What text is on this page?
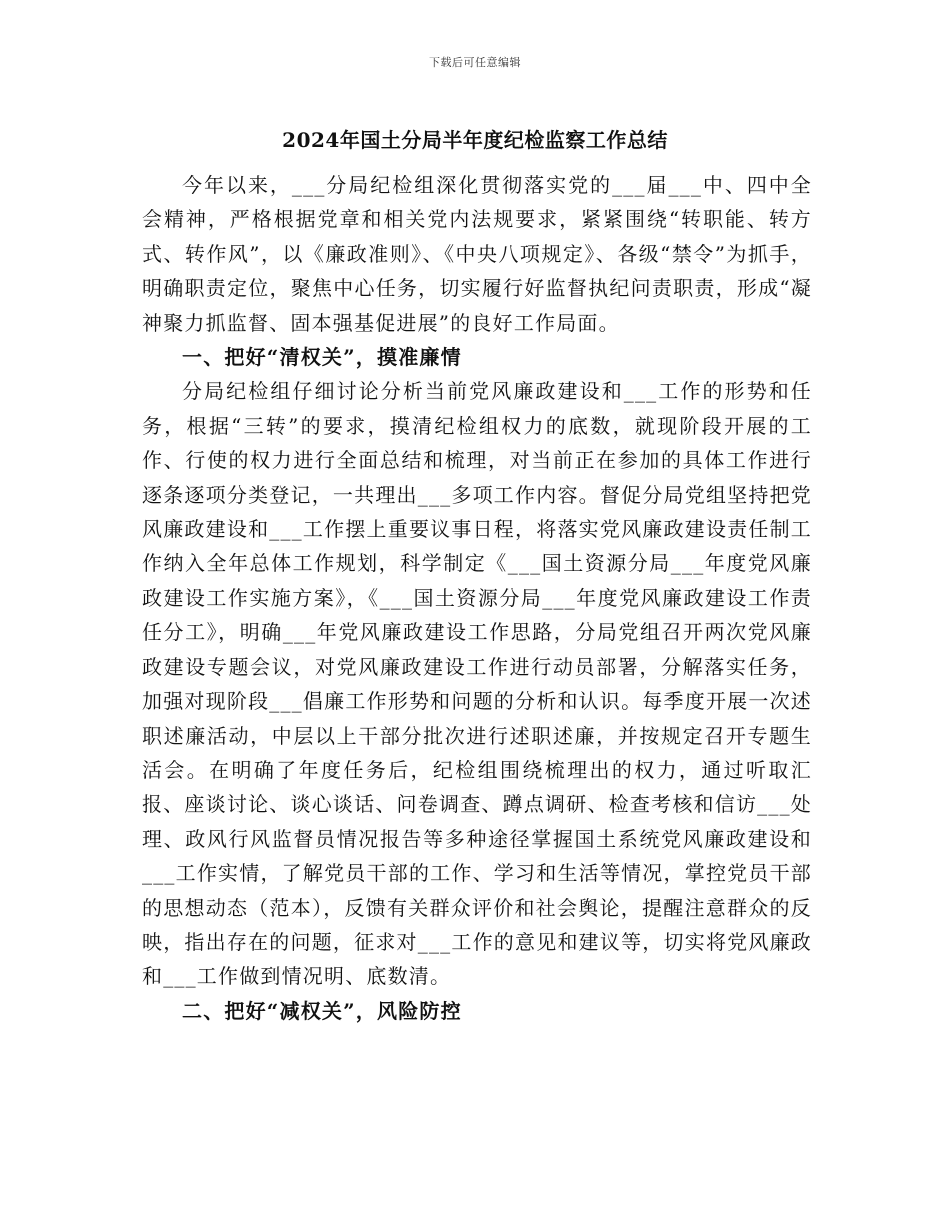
下载后可任意编辑
2024年国土分局半年度纪检监察工作总结

今年以来，___分局纪检组深化贯彻落实党的___届___中、四中全会精神，严格根据党章和相关党内法规要求，紧紧围绕“转职能、转方式、转作风”，以《廉政准则》、《中央八项规定》、各级“禁令”为抓手，明确职责定位，聚焦中心任务，切实履行好监督执纪问责职责，形成“凝神聚力抓监督、固本强基促进展”的良好工作局面。

一、把好“清权关”，摸准廉情

分局纪检组仔细讨论分析当前党风廉政建设和___工作的形势和任务，根据“三转”的要求，摸清纪检组权力的底数，就现阶段开展的工作、行使的权力进行全面总结和梳理，对当前正在参加的具体工作进行逐条逐项分类登记，一共理出___多项工作内容。督促分局党组坚持把党风廉政建设和___工作摆上重要议事日程，将落实党风廉政建设责任制工作纳入全年总体工作规划，科学制定《___国土资源分局___年度党风廉政建设工作实施方案》，《___国土资源分局___年度党风廉政建设工作责任分工》，明确___年党风廉政建设工作思路，分局党组召开两次党风廉政建设专题会议，对党风廉政建设工作进行动员部署，分解落实任务，加强对现阶段___倡廉工作形势和问题的分析和认识。每季度开展一次述职述廉活动，中层以上干部分批次进行述职述廉，并按规定召开专题生活会。在明确了年度任务后，纪检组围绕梳理出的权力，通过听取汇报、座谈讨论、谈心谈话、问卷调查、蹲点调研、检查考核和信访___处理、政风行风监督员情况报告等多种途径掌握国土系统党风廉政建设和___工作实情，了解党员干部的工作、学习和生活等情况，掌控党员干部的思想动态（范本），反馈有关群众评价和社会舆论，提醒注意群众的反映，指出存在的问题，征求对___工作的意见和建议等，切实将党风廉政和___工作做到情况明、底数清。

二、把好“减权关”，风险防控
